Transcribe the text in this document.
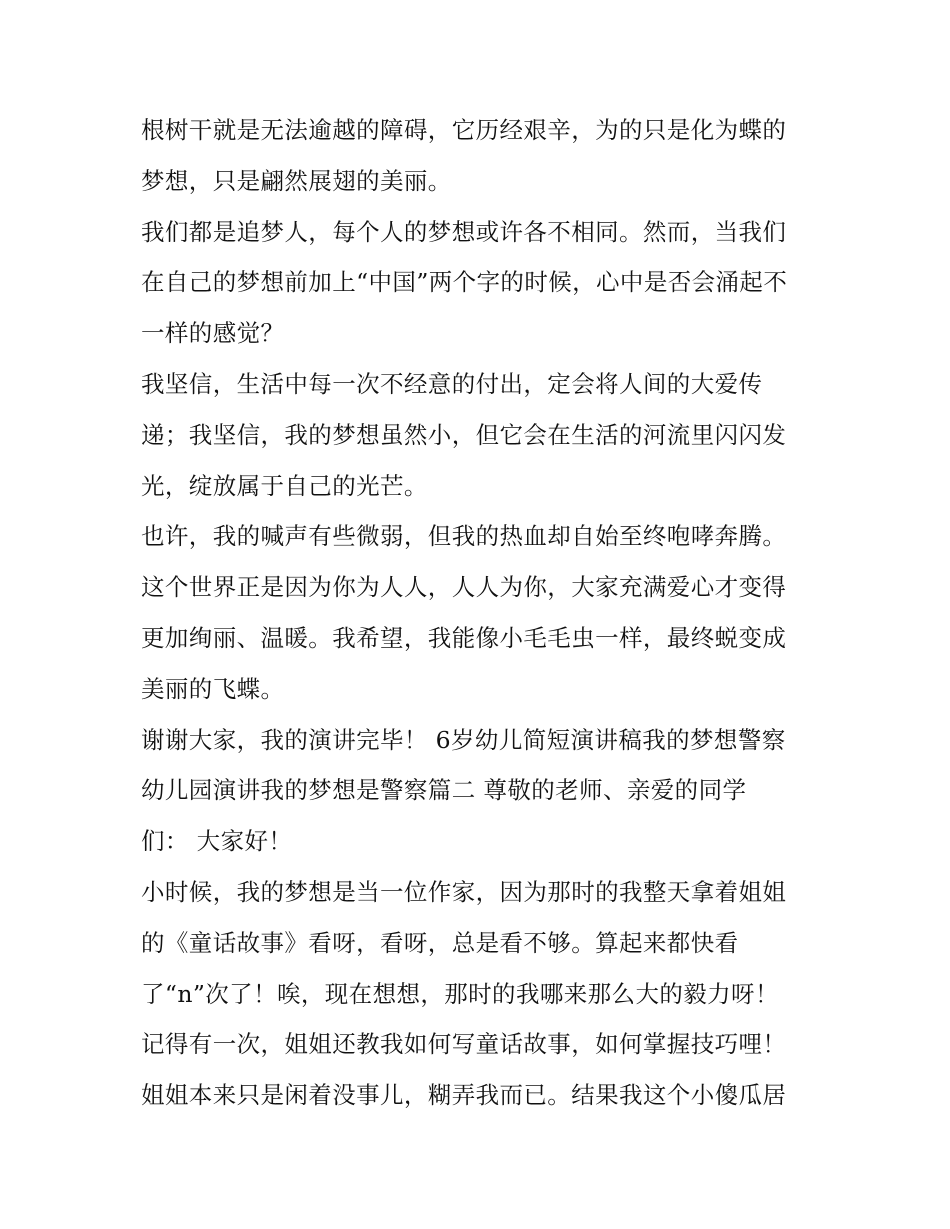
根树干就是无法逾越的障碍，它历经艰辛，为的只是化为蝶的
梦想，只是翩然展翅的美丽。
我们都是追梦人，每个人的梦想或许各不相同。然而，当我们
在自己的梦想前加上“中国”两个字的时候，心中是否会涌起不
一样的感觉？
我坚信，生活中每一次不经意的付出，定会将人间的大爱传
递；我坚信，我的梦想虽然小，但它会在生活的河流里闪闪发
光，绽放属于自己的光芒。
也许，我的喊声有些微弱，但我的热血却自始至终咆哮奔腾。
这个世界正是因为你为人人，人人为你，大家充满爱心才变得
更加绚丽、温暖。我希望，我能像小毛毛虫一样，最终蜕变成
美丽的飞蝶。
谢谢大家，我的演讲完毕！ 6岁幼儿简短演讲稿我的梦想警察
幼儿园演讲我的梦想是警察篇二 尊敬的老师、亲爱的同学
们： 大家好！
小时候，我的梦想是当一位作家，因为那时的我整天拿着姐姐
的《童话故事》看呀，看呀，总是看不够。算起来都快看
了“n”次了！唉，现在想想，那时的我哪来那么大的毅力呀！
记得有一次，姐姐还教我如何写童话故事，如何掌握技巧哩！
姐姐本来只是闲着没事儿，糊弄我而已。结果我这个小傻瓜居
